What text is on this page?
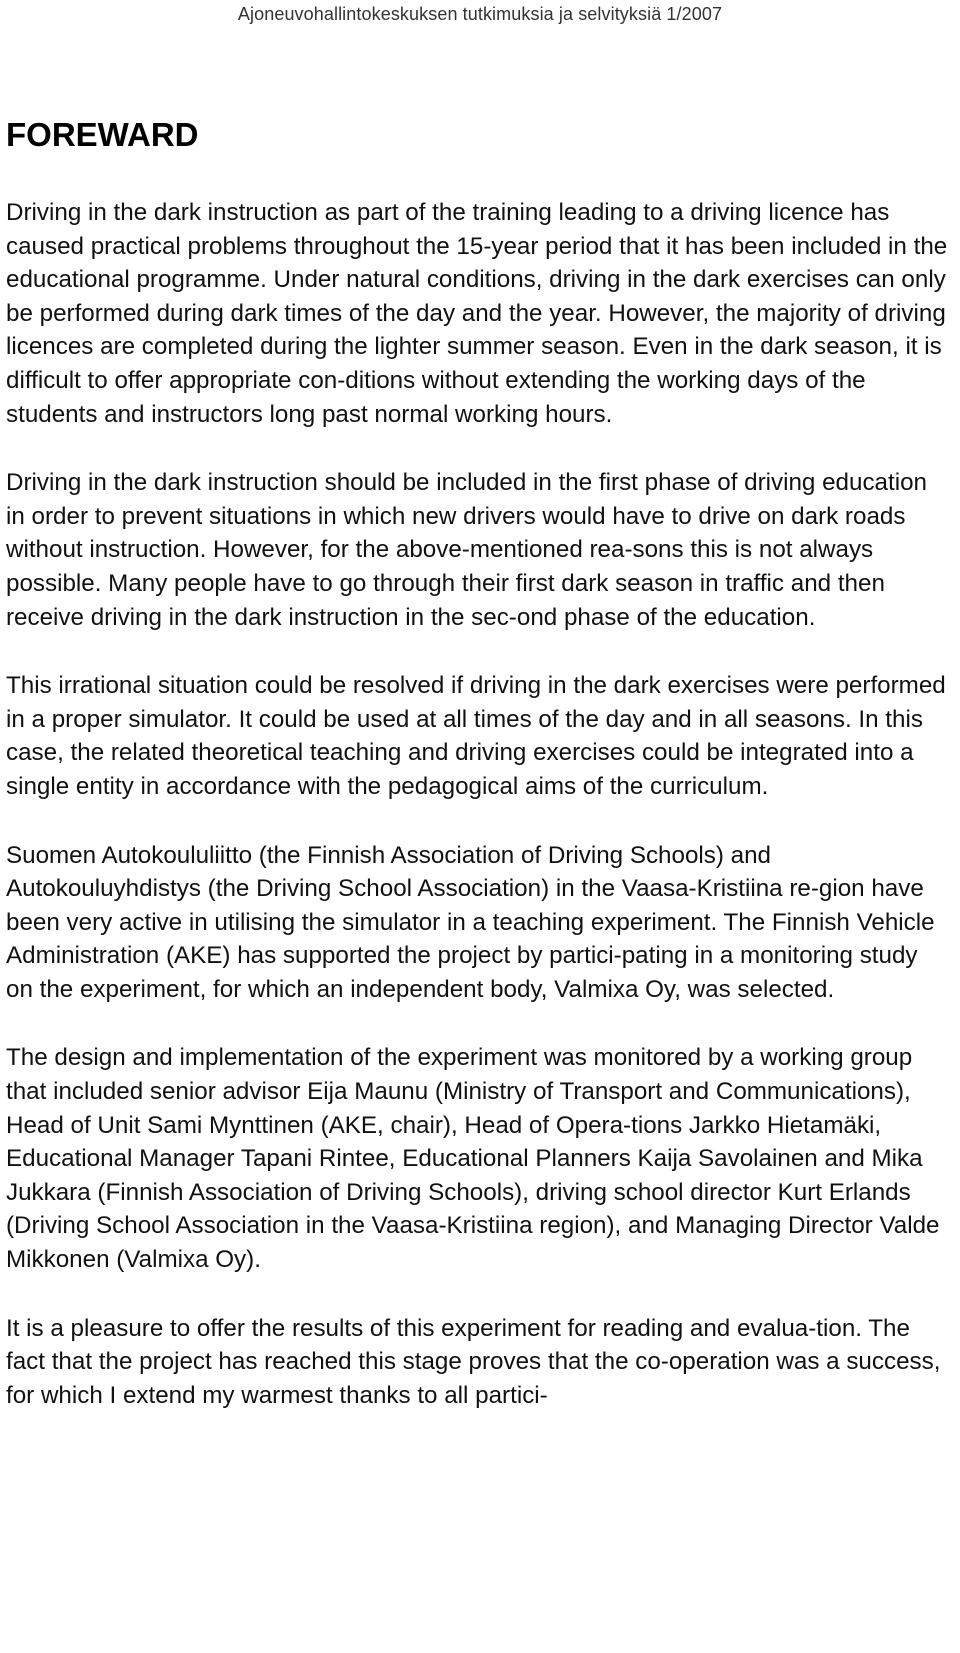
Ajoneuvohallintokeskuksen tutkimuksia ja selvityksiä 1/2007
FOREWARD

Driving in the dark instruction as part of the training leading to a driving licence has caused practical problems throughout the 15-year period that it has been included in the educational programme. Under natural conditions, driving in the dark exercises can only be performed during dark times of the day and the year. However, the majority of driving licences are completed during the lighter summer season. Even in the dark season, it is difficult to offer appropriate con-ditions without extending the working days of the students and instructors long past normal working hours.

Driving in the dark instruction should be included in the first phase of driving education in order to prevent situations in which new drivers would have to drive on dark roads without instruction. However, for the above-mentioned rea-sons this is not always possible. Many people have to go through their first dark season in traffic and then receive driving in the dark instruction in the sec-ond phase of the education.

This irrational situation could be resolved if driving in the dark exercises were performed in a proper simulator. It could be used at all times of the day and in all seasons. In this case, the related theoretical teaching and driving exercises could be integrated into a single entity in accordance with the pedagogical aims of the curriculum.

Suomen Autokoululiitto (the Finnish Association of Driving Schools) and Autokouluyhdistys (the Driving School Association) in the Vaasa-Kristiina re-gion have been very active in utilising the simulator in a teaching experiment. The Finnish Vehicle Administration (AKE) has supported the project by partici-pating in a monitoring study on the experiment, for which an independent body, Valmixa Oy, was selected.

The design and implementation of the experiment was monitored by a working group that included senior advisor Eija Maunu (Ministry of Transport and Communications), Head of Unit Sami Mynttinen (AKE, chair), Head of Opera-tions Jarkko Hietamäki, Educational Manager Tapani Rintee, Educational Planners Kaija Savolainen and Mika Jukkara (Finnish Association of Driving Schools), driving school director Kurt Erlands (Driving School Association in the Vaasa-Kristiina region), and Managing Director Valde Mikkonen (Valmixa Oy).

It is a pleasure to offer the results of this experiment for reading and evalua-tion. The fact that the project has reached this stage proves that the co-operation was a success, for which I extend my warmest thanks to all partici-
